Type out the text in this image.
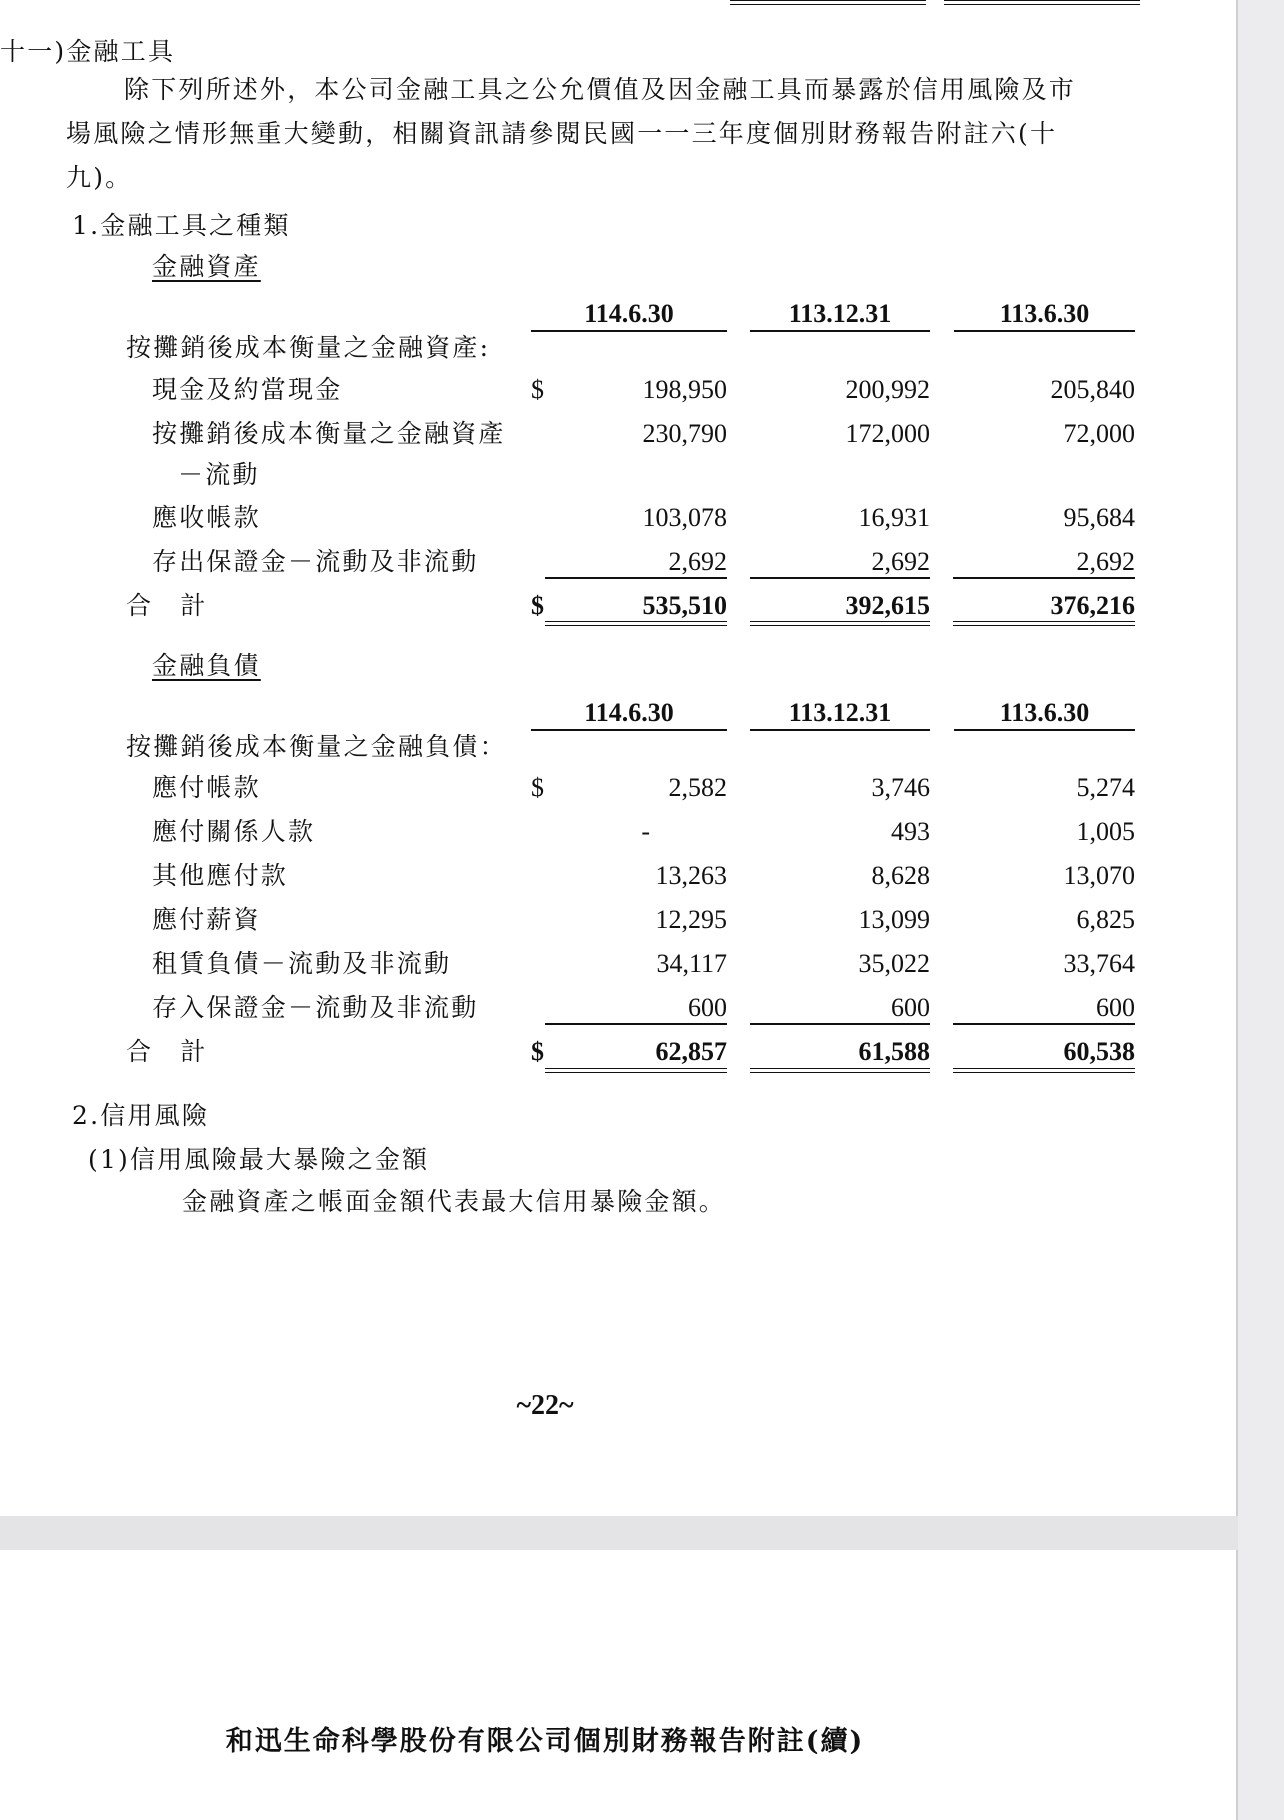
十一)金融工具
除下列所述外，本公司金融工具之公允價值及因金融工具而暴露於信用風險及市
場風險之情形無重大變動，相關資訊請參閱民國一一三年度個別財務報告附註六(十
九)。
1.金融工具之種類
金融資產
114.6.30	113.12.31	113.6.30
按攤銷後成本衡量之金融資產:
現金及約當現金	$	198,950	200,992	205,840
按攤銷後成本衡量之金融資產
－流動
230,790	172,000	72,000
應收帳款	103,078	16,931	95,684
存出保證金－流動及非流動	2,692	2,692	2,692
合　計	$	535,510	392,615	376,216
金融負債
114.6.30	113.12.31	113.6.30
按攤銷後成本衡量之金融負債：
應付帳款	$	2,582	3,746	5,274
應付關係人款	-	493	1,005
其他應付款	13,263	8,628	13,070
應付薪資	12,295	13,099	6,825
租賃負債－流動及非流動	34,117	35,022	33,764
存入保證金－流動及非流動	600	600	600
合　計	$	62,857	61,588	60,538
2.信用風險
(1)信用風險最大暴險之金額
金融資產之帳面金額代表最大信用暴險金額。
~22~
和迅生命科學股份有限公司個別財務報告附註(續)
